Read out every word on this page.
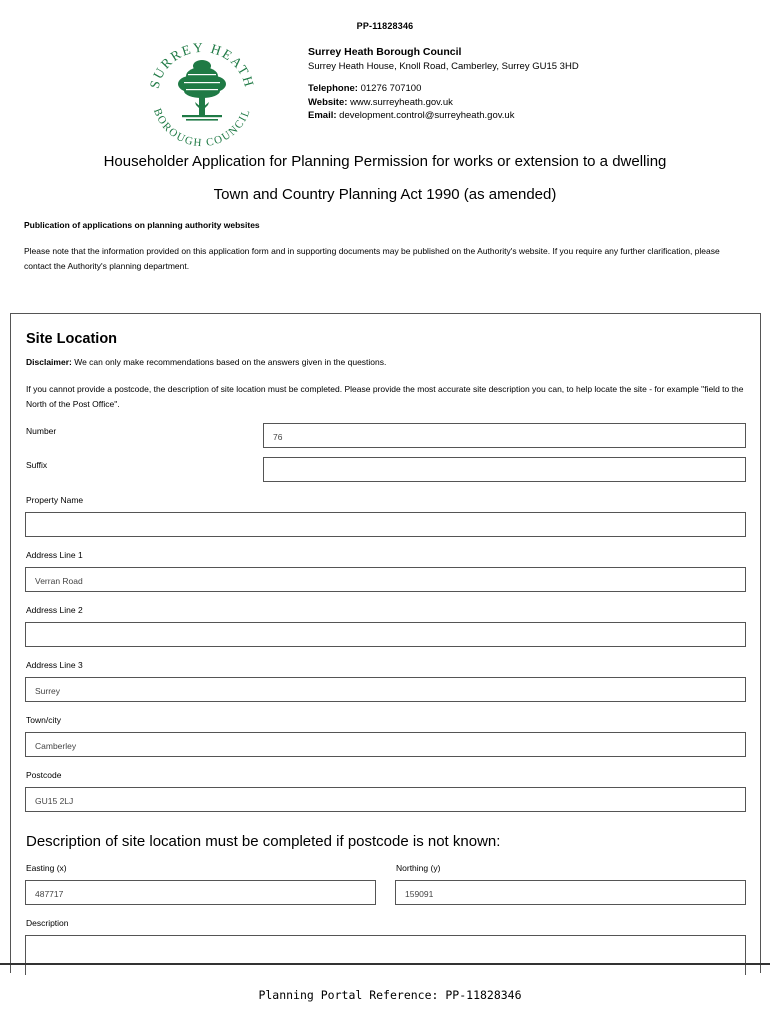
PP-11828346
SURREY HEATH
BOROUGH COUNCIL
Surrey Heath Borough Council
Surrey Heath House, Knoll Road, Camberley, Surrey GU15 3HD
Telephone: 01276 707100
Website: www.surreyheath.gov.uk
Email: development.control@surreyheath.gov.uk
Householder Application for Planning Permission for works or extension to a dwelling
Town and Country Planning Act 1990 (as amended)
Publication of applications on planning authority websites
Please note that the information provided on this application form and in supporting documents may be published on the Authority's website. If you require any further clarification, please contact the Authority's planning department.
Site Location
Disclaimer: We can only make recommendations based on the answers given in the questions.
If you cannot provide a postcode, the description of site location must be completed. Please provide the most accurate site description you can, to help locate the site - for example "field to the North of the Post Office".
Number
76
Suffix
Property Name
Address Line 1
Verran Road
Address Line 2
Address Line 3
Surrey
Town/city
Camberley
Postcode
GU15 2LJ
Description of site location must be completed if postcode is not known:
Easting (x)
487717
Northing (y)
159091
Description
Planning Portal Reference: PP-11828346
